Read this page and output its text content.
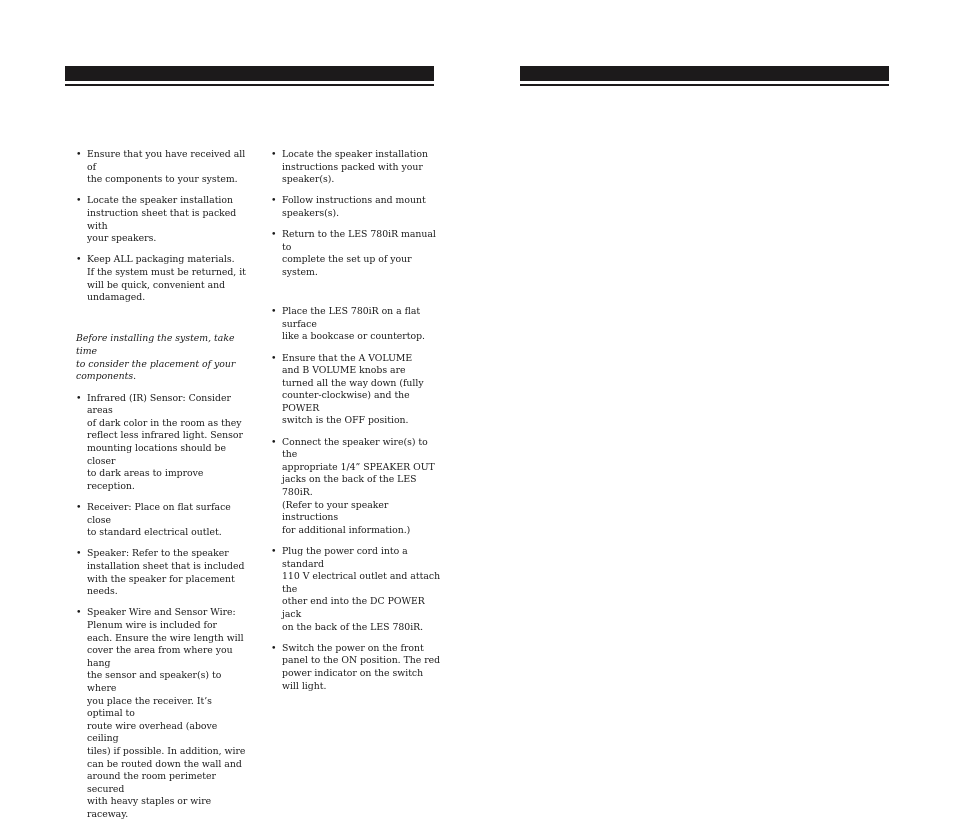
• Ensure that you have received all of
the components to your system.
• Locate the speaker installation
instruction sheet that is packed with
your speakers.
• Keep ALL packaging materials.
If the system must be returned, it
will be quick, convenient and
undamaged.

Before installing the system, take time
to consider the placement of your
components.

• Infrared (IR) Sensor: Consider areas
of dark color in the room as they
reflect less infrared light. Sensor
mounting locations should be closer
to dark areas to improve reception.
• Receiver: Place on flat surface close
to standard electrical outlet.
• Speaker: Refer to the speaker
installation sheet that is included
with the speaker for placement
needs.
• Speaker Wire and Sensor Wire:
Plenum wire is included for
each. Ensure the wire length will
cover the area from where you hang
the sensor and speaker(s) to where
you place the receiver. It’s optimal to
route wire overhead (above ceiling
tiles) if possible. In addition, wire
can be routed down the wall and
around the room perimeter secured
with heavy staples or wire raceway.
• Locate the speaker installation
instructions packed with your
speaker(s).
• Follow instructions and mount
speakers(s).
• Return to the LES 780iR manual to
complete the set up of your system.
• Place the LES 780iR on a flat surface
like a bookcase or countertop.
• Ensure that the A VOLUME
and B VOLUME knobs are
turned all the way down (fully
counter-clockwise) and the POWER
switch is the OFF position.
• Connect the speaker wire(s) to the
appropriate 1/4” SPEAKER OUT
jacks on the back of the LES 780iR.
(Refer to your speaker instructions
for additional information.)
• Plug the power cord into a standard
110 V electrical outlet and attach the
other end into the DC POWER jack
on the back of the LES 780iR.
• Switch the power on the front
panel to the ON position. The red
power indicator on the switch
will light.
